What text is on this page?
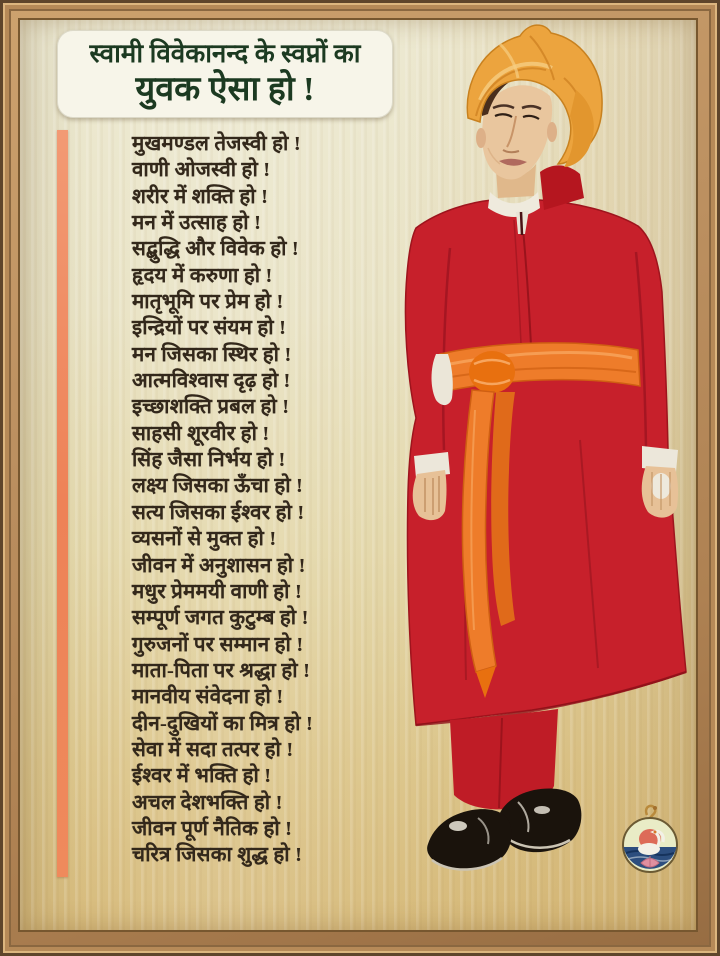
स्वामी विवेकानन्द के स्वप्नों का
युवक ऐसा हो !
मुखमण्डल तेजस्वी हो !
वाणी ओजस्वी हो !
शरीर में शक्ति हो !
मन में उत्साह हो !
सद्बुद्धि और विवेक हो !
हृदय में करुणा हो !
मातृभूमि पर प्रेम हो !
इन्द्रियों पर संयम हो !
मन जिसका स्थिर हो !
आत्मविश्वास दृढ़ हो !
इच्छाशक्ति प्रबल हो !
साहसी शूरवीर हो !
सिंह जैसा निर्भय हो !
लक्ष्य जिसका ऊँचा हो !
सत्य जिसका ईश्वर हो !
व्यसनों से मुक्त हो !
जीवन में अनुशासन हो !
मधुर प्रेममयी वाणी हो !
सम्पूर्ण जगत कुटुम्ब हो !
गुरुजनों पर सम्मान हो !
माता-पिता पर श्रद्धा हो !
मानवीय संवेदना हो !
दीन-दुखियों का मित्र हो !
सेवा में सदा तत्पर हो !
ईश्वर में भक्ति हो !
अचल देशभक्ति हो !
जीवन पूर्ण नैतिक हो !
चरित्र जिसका शुद्ध हो !
